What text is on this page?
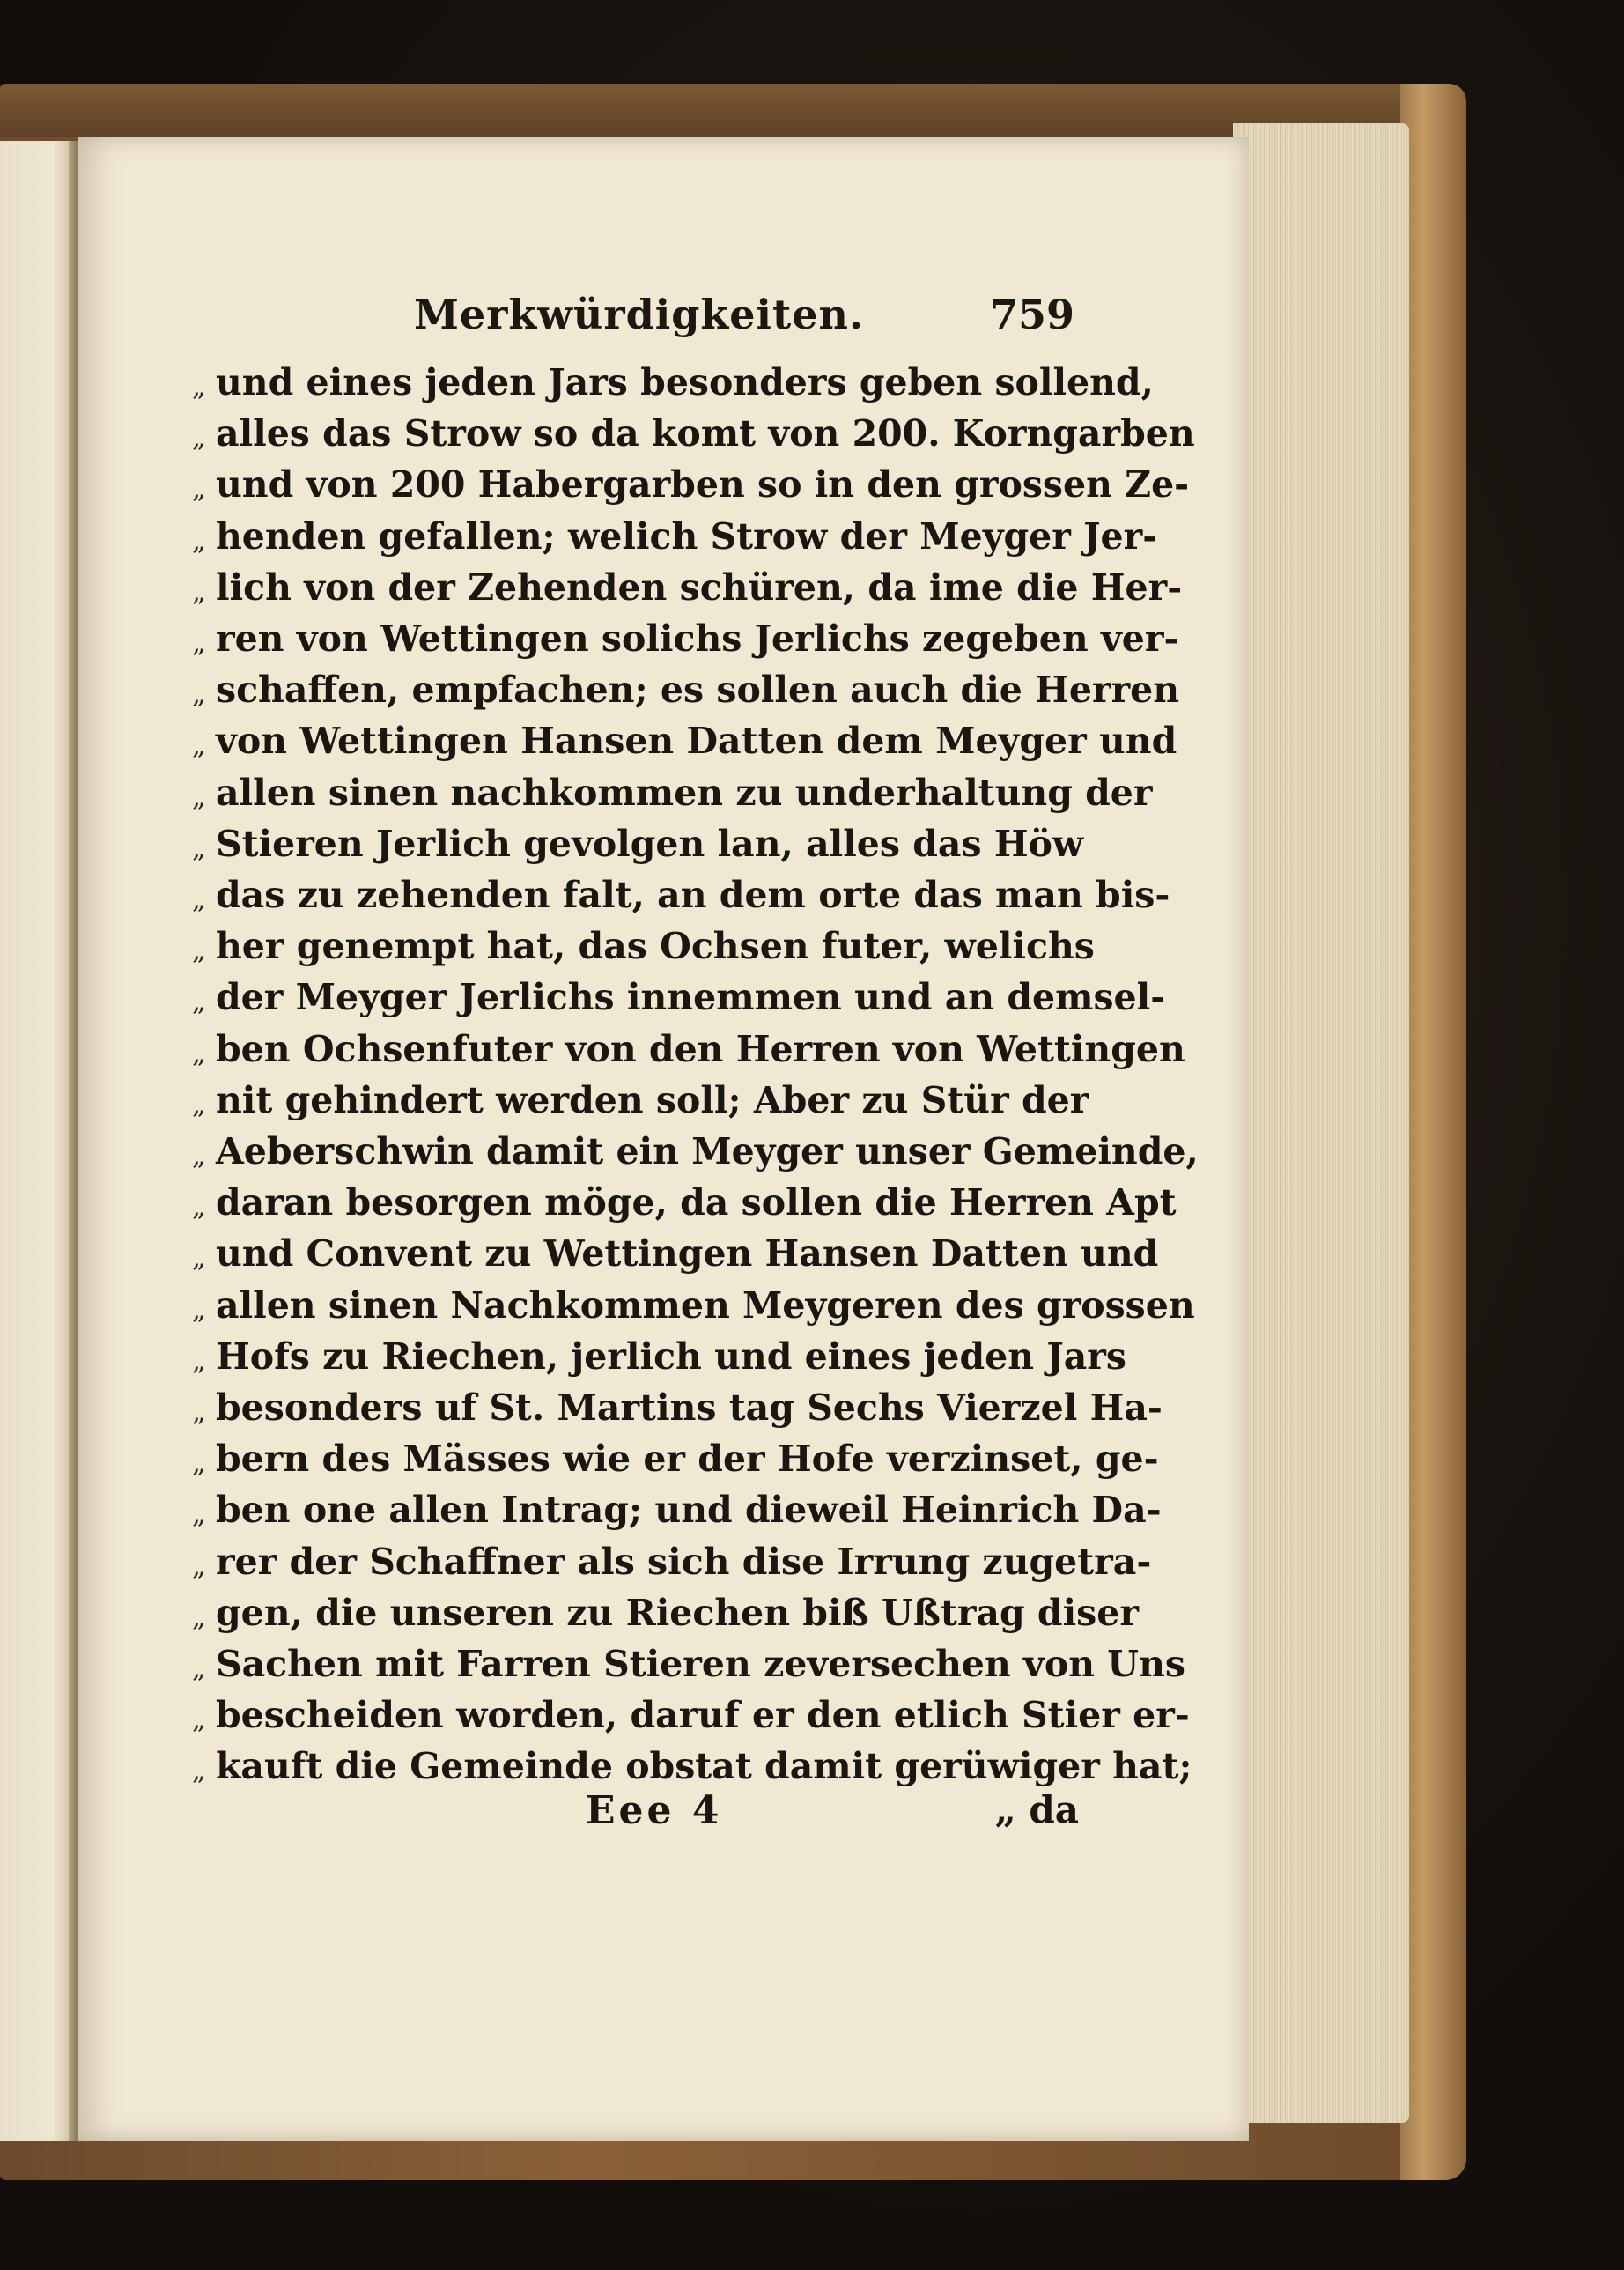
Merkwürdigkeiten.	759
„ und eines jeden Jars besonders geben sollend,
„ alles das Strow so da komt von 200. Korngarben
„ und von 200 Habergarben so in den grossen Ze-
„ henden gefallen; welich Strow der Meyger Jer-
„ lich von der Zehenden schüren, da ime die Her-
„ ren von Wettingen solichs Jerlichs zegeben ver-
„ schaffen, empfachen; es sollen auch die Herren
„ von Wettingen Hansen Datten dem Meyger und
„ allen sinen nachkommen zu underhaltung der
„ Stieren Jerlich gevolgen lan, alles das Höw
„ das zu zehenden falt, an dem orte das man bis-
„ her genempt hat, das Ochsen futer, welichs
„ der Meyger Jerlichs innemmen und an demsel-
„ ben Ochsenfuter von den Herren von Wettingen
„ nit gehindert werden soll; Aber zu Stür der
„ Aeberschwin damit ein Meyger unser Gemeinde,
„ daran besorgen möge, da sollen die Herren Apt
„ und Convent zu Wettingen Hansen Datten und
„ allen sinen Nachkommen Meygeren des grossen
„ Hofs zu Riechen, jerlich und eines jeden Jars
„ besonders uf St. Martins tag Sechs Vierzel Ha-
„ bern des Mässes wie er der Hofe verzinset, ge-
„ ben one allen Intrag; und dieweil Heinrich Da-
„ rer der Schaffner als sich dise Irrung zugetra-
„ gen, die unseren zu Riechen biß Ußtrag diser
„ Sachen mit Farren Stieren zeversechen von Uns
„ bescheiden worden, daruf er den etlich Stier er-
„ kauft die Gemeinde obstat damit gerüwiger hat;
Eee 4	„ da
